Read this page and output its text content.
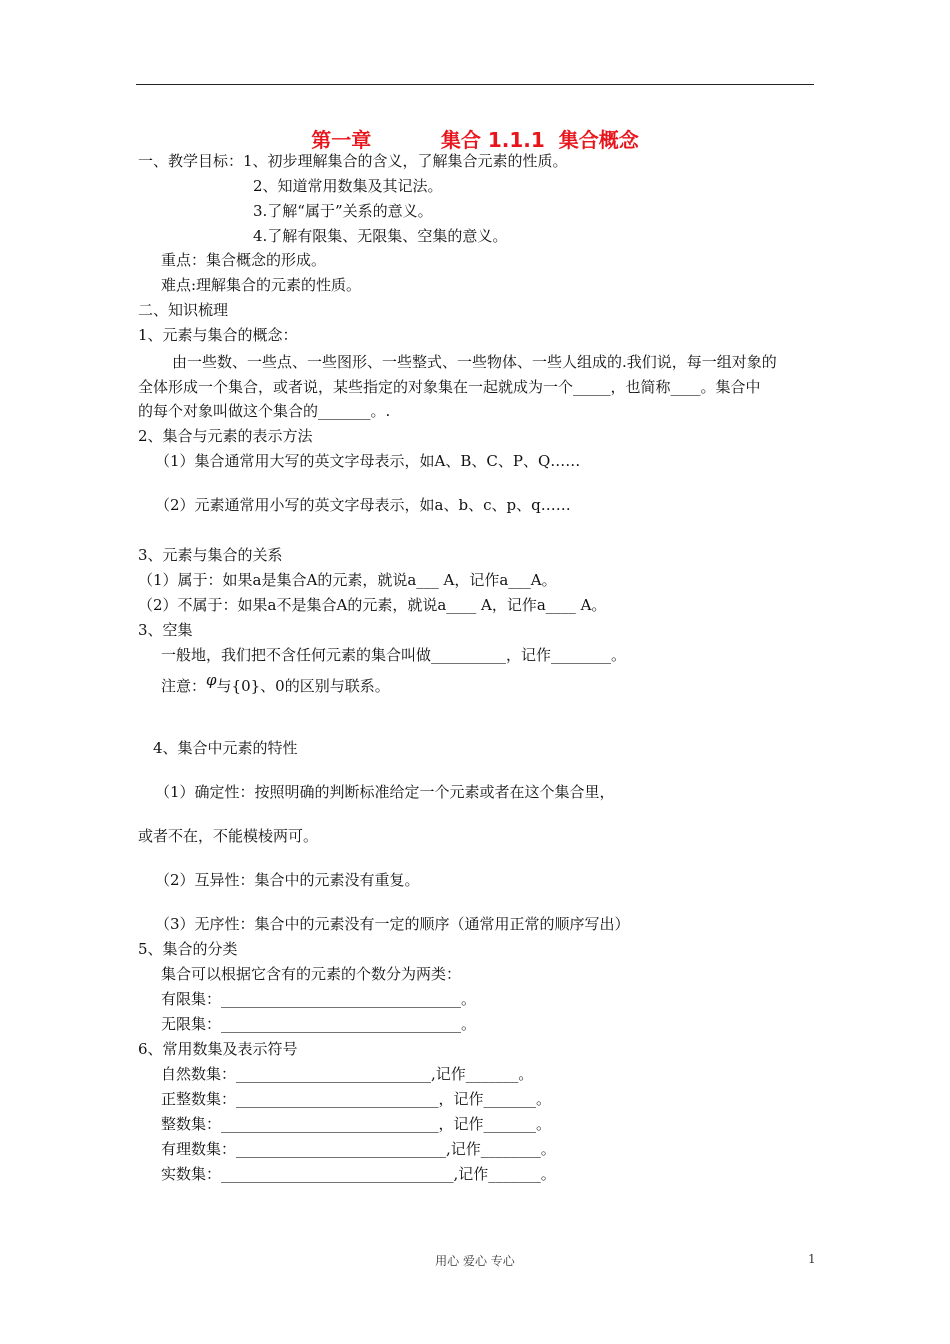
第一章          集合 1.1.1  集合概念
一、教学目标：1、初步理解集合的含义，了解集合元素的性质。
2、知道常用数集及其记法。
3.了解“属于”关系的意义。
4.了解有限集、无限集、空集的意义。
重点：集合概念的形成。
难点:理解集合的元素的性质。
二、知识梳理
1、元素与集合的概念：
由一些数、一些点、一些图形、一些整式、一些物体、一些人组成的.我们说，每一组对象的
全体形成一个集合，或者说，某些指定的对象集在一起就成为一个_____，也简称____。集合中
的每个对象叫做这个集合的_______。.
2、集合与元素的表示方法
（1）集合通常用大写的英文字母表示，如A、B、C、P、Q……
（2）元素通常用小写的英文字母表示，如a、b、c、p、q……
3、元素与集合的关系
（1）属于：如果a是集合A的元素，就说a___ A，记作a___A。
（2）不属于：如果a不是集合A的元素，就说a____ A，记作a____ A。
3、空集
一般地，我们把不含任何元素的集合叫做__________，记作________。
注意：φ与{0}、0的区别与联系。
4、集合中元素的特性
（1）确定性：按照明确的判断标准给定一个元素或者在这个集合里，
或者不在，不能模棱两可。
（2）互异性：集合中的元素没有重复。
（3）无序性：集合中的元素没有一定的顺序（通常用正常的顺序写出）
5、集合的分类
集合可以根据它含有的元素的个数分为两类：
有限集：________________________________。
无限集：________________________________。
6、常用数集及表示符号
自然数集：__________________________,记作_______。
正整数集：___________________________，记作_______。
整数集：_____________________________，记作_______。
有理数集：____________________________,记作________。
实数集：_______________________________,记作_______。
用心 爱心 专心	1
